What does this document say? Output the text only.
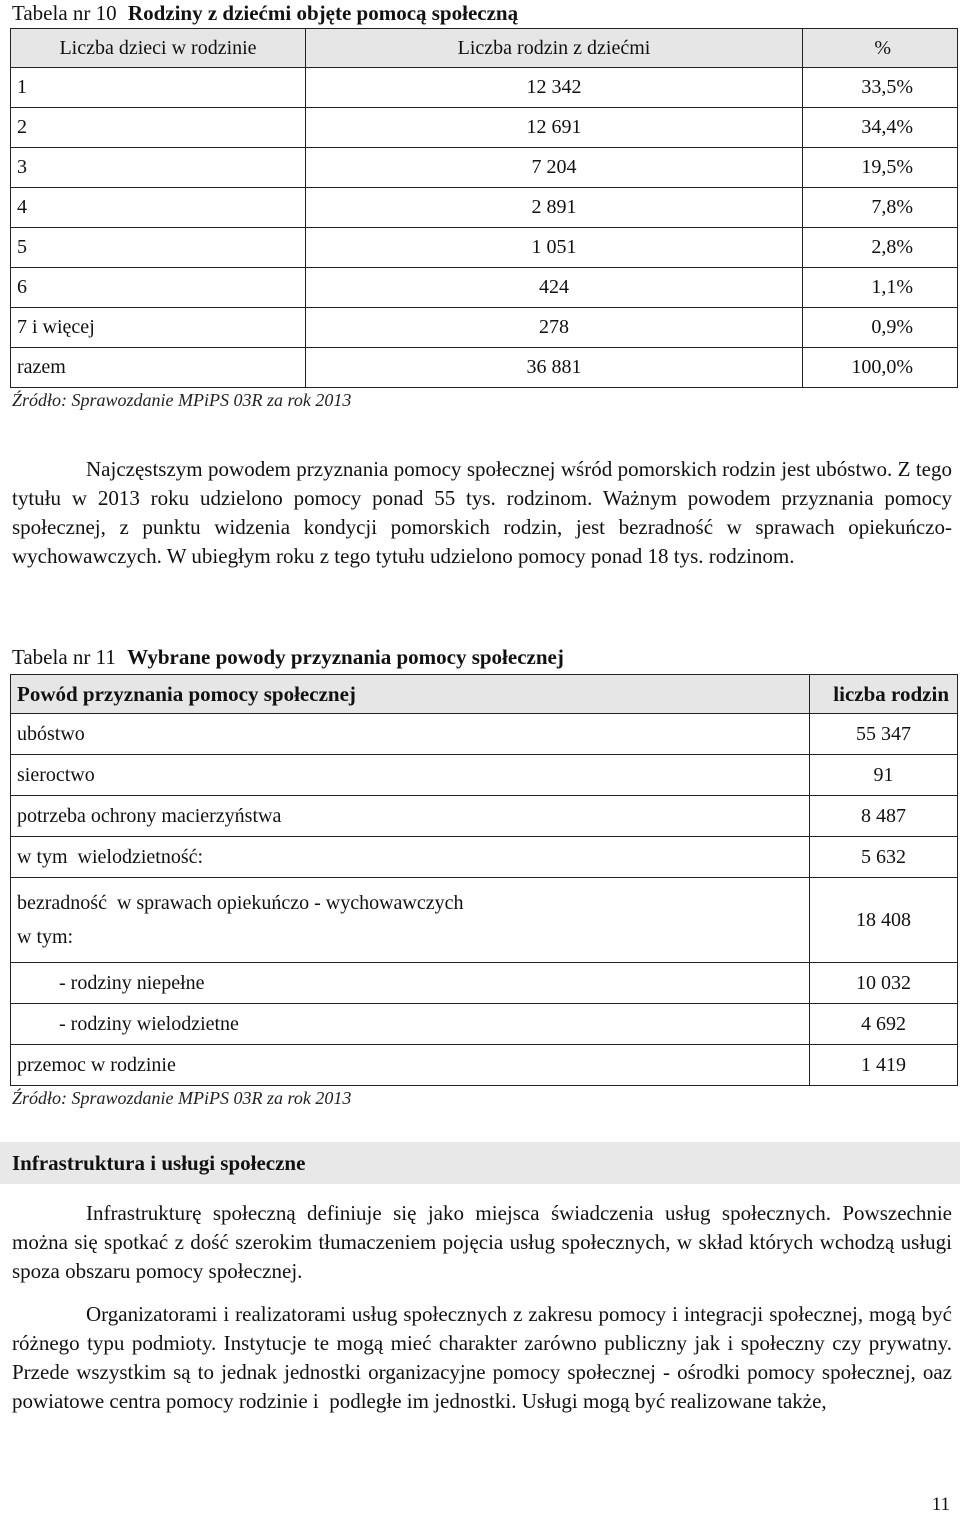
Tabela nr 10 Rodziny z dziećmi objęte pomocą społeczną
Liczba dzieci w rodzinie	Liczba rodzin z dziećmi	%
1	12 342	33,5%
2	12 691	34,4%
3	7 204	19,5%
4	2 891	7,8%
5	1 051	2,8%
6	424	1,1%
7 i więcej	278	0,9%
razem	36 881	100,0%
Źródło: Sprawozdanie MPiPS 03R za rok 2013
Najczęstszym powodem przyznania pomocy społecznej wśród pomorskich rodzin jest ubóstwo. Z tego tytułu w 2013 roku udzielono pomocy ponad 55 tys. rodzinom. Ważnym powodem przyznania pomocy społecznej, z punktu widzenia kondycji pomorskich rodzin, jest bezradność w sprawach opiekuńczo-wychowawczych. W ubiegłym roku z tego tytułu udzielono pomocy ponad 18 tys. rodzinom.
Tabela nr 11 Wybrane powody przyznania pomocy społecznej
Powód przyznania pomocy społecznej	liczba rodzin
ubóstwo	55 347
sieroctwo	91
potrzeba ochrony macierzyństwa	8 487
w tym  wielodzietność:	5 632

bezradność  w sprawach opiekuńczo - wychowawczych
w tym:	18 408
- rodziny niepełne	10 032
- rodziny wielodzietne	4 692
przemoc w rodzinie	1 419
Źródło: Sprawozdanie MPiPS 03R za rok 2013
Infrastruktura i usługi społeczne
Infrastrukturę społeczną definiuje się jako miejsca świadczenia usług społecznych. Powszechnie można się spotkać z dość szerokim tłumaczeniem pojęcia usług społecznych, w skład których wchodzą usługi spoza obszaru pomocy społecznej.
Organizatorami i realizatorami usług społecznych z zakresu pomocy i integracji społecznej, mogą być różnego typu podmioty. Instytucje te mogą mieć charakter zarówno publiczny jak i społeczny czy prywatny. Przede wszystkim są to jednak jednostki organizacyjne pomocy społecznej - ośrodki pomocy społecznej, oaz powiatowe centra pomocy rodzinie i  podległe im jednostki. Usługi mogą być realizowane także,
11
